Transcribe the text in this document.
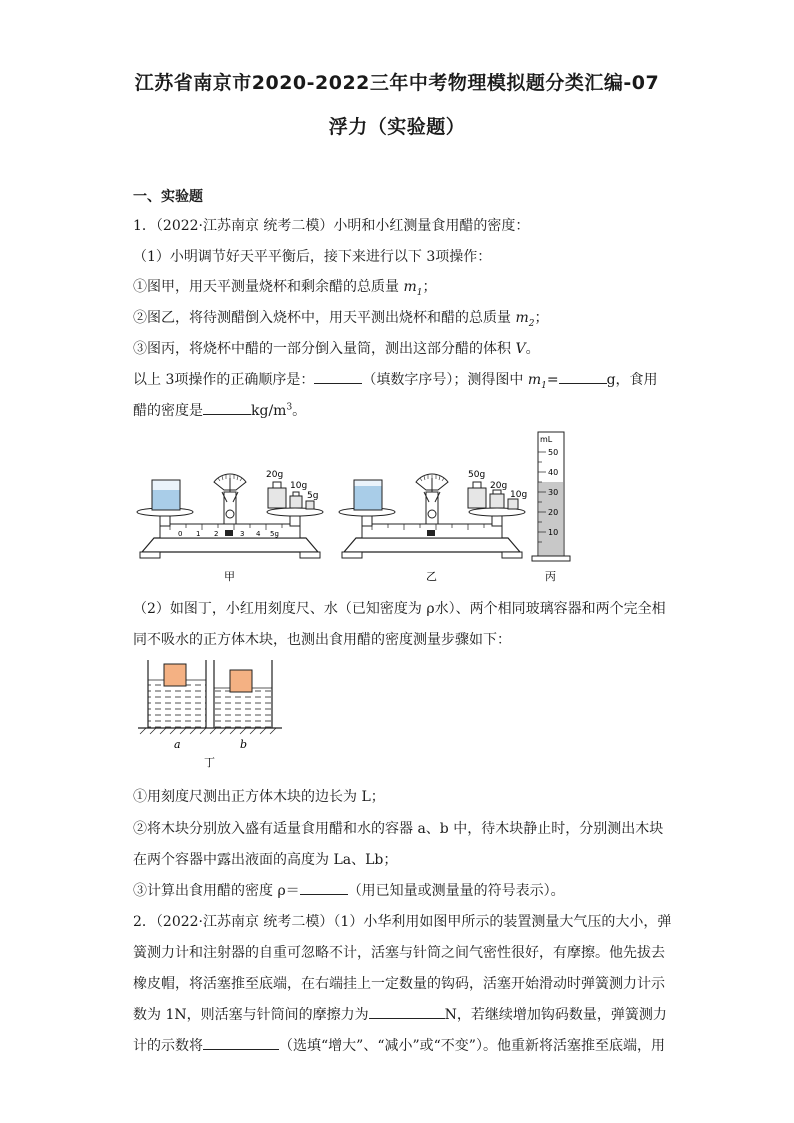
江苏省南京市2020-2022三年中考物理模拟题分类汇编-07
浮力（实验题）
一、实验题
1．（2022·江苏南京 统考二模）小明和小红测量食用醋的密度：
（1）小明调节好天平平衡后，接下来进行以下 3项操作：
①图甲，用天平测量烧杯和剩余醋的总质量 $m_1$；
②图乙，将待测醋倒入烧杯中，用天平测出烧杯和醋的总质量 $m_2$；
③图丙，将烧杯中醋的一部分倒入量筒，测出这部分醋的体积 V。
以上 3项操作的正确顺序是：	（填数字序号）；测得图中 $m_1=$	g，食用
醋的密度是	$kg/m^3$。
0 1 2	3 4 5g
20g
10g
5g
50g
20g
10g
mL
50
40
30
20
10
甲	乙	丙
（2）如图丁，小红用刻度尺、水（已知密度为 ρ水）、两个相同玻璃容器和两个完全相
同不吸水的正方体木块，也测出食用醋的密度测量步骤如下：
a	b
丁
①用刻度尺测出正方体木块的边长为 L；
②将木块分别放入盛有适量食用醋和水的容器 a、b 中，待木块静止时，分别测出木块
在两个容器中露出液面的高度为 La、Lb；
③计算出食用醋的密度 ρ＝	（用已知量或测量量的符号表示）。
2．（2022·江苏南京 统考二模）（1）小华利用如图甲所示的装置测量大气压的大小，弹
簧测力计和注射器的自重可忽略不计，活塞与针筒之间气密性很好，有摩擦。他先拔去
橡皮帽，将活塞推至底端，在右端挂上一定数量的钩码，活塞开始滑动时弹簧测力计示
数为 1N，则活塞与针筒间的摩擦力为	N，若继续增加钩码数量，弹簧测力
计的示数将	（选填“增大”、“减小”或“不变”）。他重新将活塞推至底端，用
